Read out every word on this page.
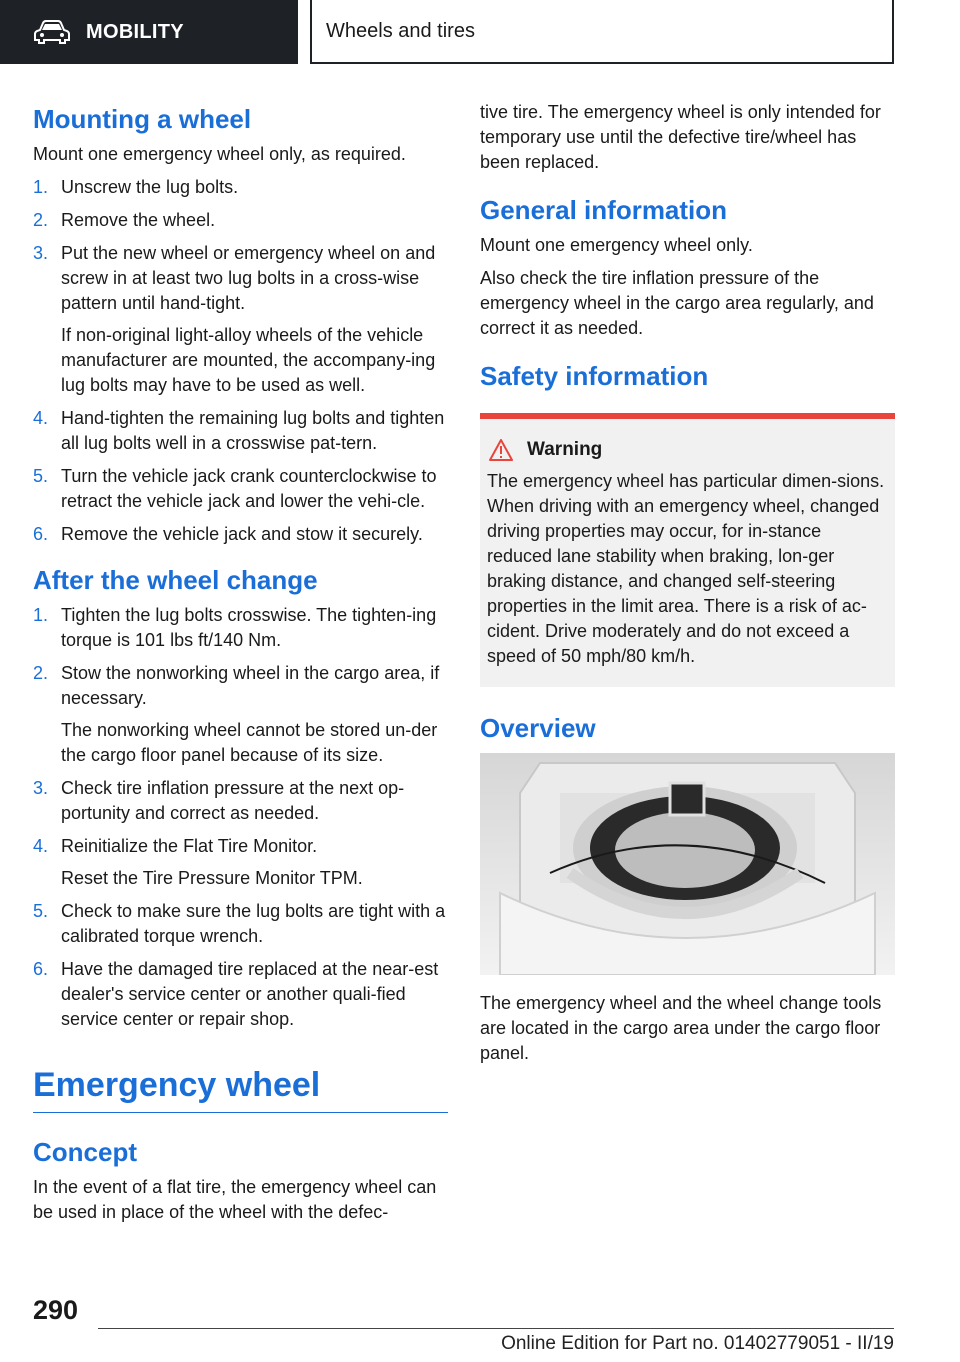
MOBILITY	Wheels and tires
Mounting a wheel

Mount one emergency wheel only, as required.

1. Unscrew the lug bolts.
2. Remove the wheel.
3. Put the new wheel or emergency wheel on and screw in at least two lug bolts in a cross-wise pattern until hand-tight.
If non-original light-alloy wheels of the vehicle manufacturer are mounted, the accompany-ing lug bolts may have to be used as well.
4. Hand-tighten the remaining lug bolts and tighten all lug bolts well in a crosswise pat-tern.
5. Turn the vehicle jack crank counterclockwise to retract the vehicle jack and lower the vehi-cle.
6. Remove the vehicle jack and stow it securely.
After the wheel change
1. Tighten the lug bolts crosswise. The tighten-ing torque is 101 lbs ft/140 Nm.
2. Stow the nonworking wheel in the cargo area, if necessary.
The nonworking wheel cannot be stored un-der the cargo floor panel because of its size.
3. Check tire inflation pressure at the next op-portunity and correct as needed.
4. Reinitialize the Flat Tire Monitor.
Reset the Tire Pressure Monitor TPM.
5. Check to make sure the lug bolts are tight with a calibrated torque wrench.
6. Have the damaged tire replaced at the near-est dealer's service center or another quali-fied service center or repair shop.
Emergency wheel
Concept

In the event of a flat tire, the emergency wheel can be used in place of the wheel with the defec-

tive tire. The emergency wheel is only intended for temporary use until the defective tire/wheel has been replaced.

General information

Mount one emergency wheel only.

Also check the tire inflation pressure of the emergency wheel in the cargo area regularly, and correct it as needed.

Safety information
Warning

The emergency wheel has particular dimen-sions. When driving with an emergency wheel, changed driving properties may occur, for in-stance reduced lane stability when braking, lon-ger braking distance, and changed self-steering properties in the limit area. There is a risk of ac-cident. Drive moderately and do not exceed a speed of 50 mph/80 km/h.

Overview

The emergency wheel and the wheel change tools are located in the cargo area under the cargo floor panel.

290
Online Edition for Part no. 01402779051 - II/19
